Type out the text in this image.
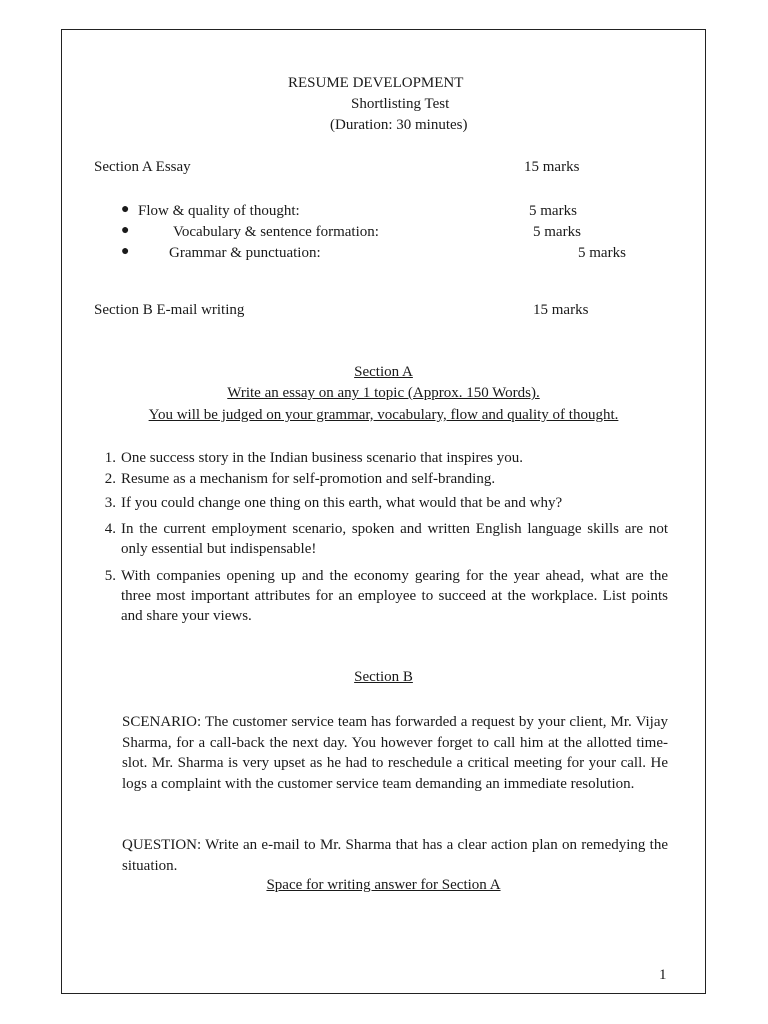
RESUME DEVELOPMENT
Shortlisting Test
(Duration: 30 minutes)
Section A Essay	15 marks
● Flow & quality of thought:	5 marks
●	Vocabulary & sentence formation:	5 marks
●	Grammar & punctuation:	5 marks
Section B E-mail writing	15 marks
Section A
Write an essay on any 1 topic (Approx. 150 Words).
You will be judged on your grammar, vocabulary, flow and quality of thought.
1. One success story in the Indian business scenario that inspires you.
2. Resume as a mechanism for self-promotion and self-branding.
3. If you could change one thing on this earth, what would that be and why?
4. In the current employment scenario, spoken and written English language skills are not only essential but indispensable!
5. With companies opening up and the economy gearing for the year ahead, what are the three most important attributes for an employee to succeed at the workplace. List points and share your views.
Section B
SCENARIO: The customer service team has forwarded a request by your client, Mr. Vijay Sharma, for a call-back the next day. You however forget to call him at the allotted time-slot. Mr. Sharma is very upset as he had to reschedule a critical meeting for your call. He logs a complaint with the customer service team demanding an immediate resolution.
QUESTION: Write an e-mail to Mr. Sharma that has a clear action plan on remedying the situation.
Space for writing answer for Section A
1
